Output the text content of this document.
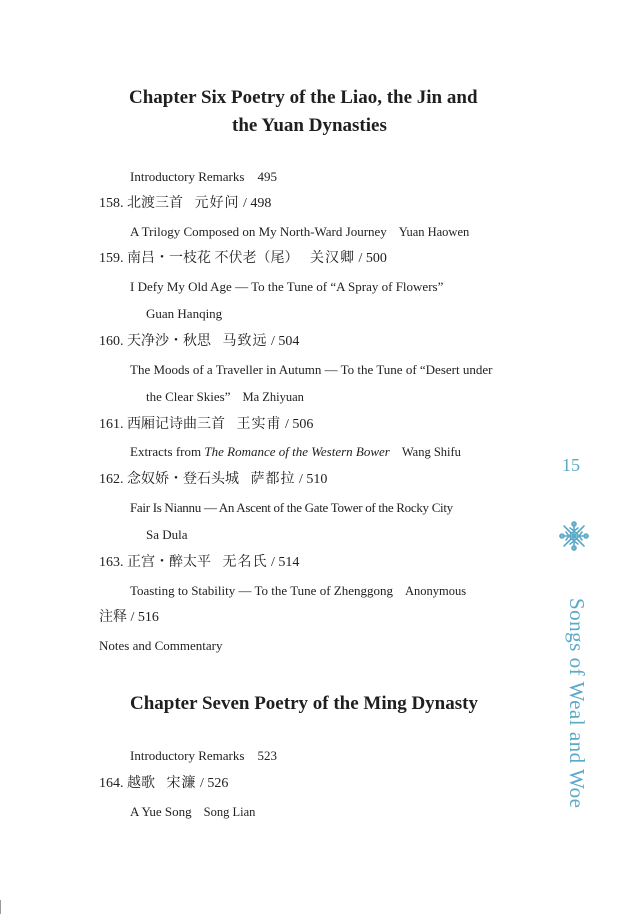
Chapter Six Poetry of the Liao, the Jin and
the Yuan Dynasties
Introductory Remarks 495
158. 北渡三首 元好问 / 498
A Trilogy Composed on My North-Ward Journey Yuan Haowen
159. 南吕・一枝花 不伏老（尾） 关汉卿 / 500
I Defy My Old Age — To the Tune of “A Spray of Flowers”
Guan Hanqing
160. 天净沙・秋思 马致远 / 504
The Moods of a Traveller in Autumn — To the Tune of “Desert under
the Clear Skies” Ma Zhiyuan
161. 西厢记诗曲三首 王实甫 / 506
Extracts from The Romance of the Western Bower Wang Shifu
162. 念奴娇・登石头城 萨都拉 / 510
Fair Is Niannu — An Ascent of the Gate Tower of the Rocky City
Sa Dula
163. 正宫・醉太平 无名氏 / 514
Toasting to Stability — To the Tune of Zhenggong Anonymous
注释 / 516
Notes and Commentary
Chapter Seven Poetry of the Ming Dynasty
Introductory Remarks 523
164. 越歌 宋濂 / 526
A Yue Song Song Lian
15
Songs of Weal and Woe
